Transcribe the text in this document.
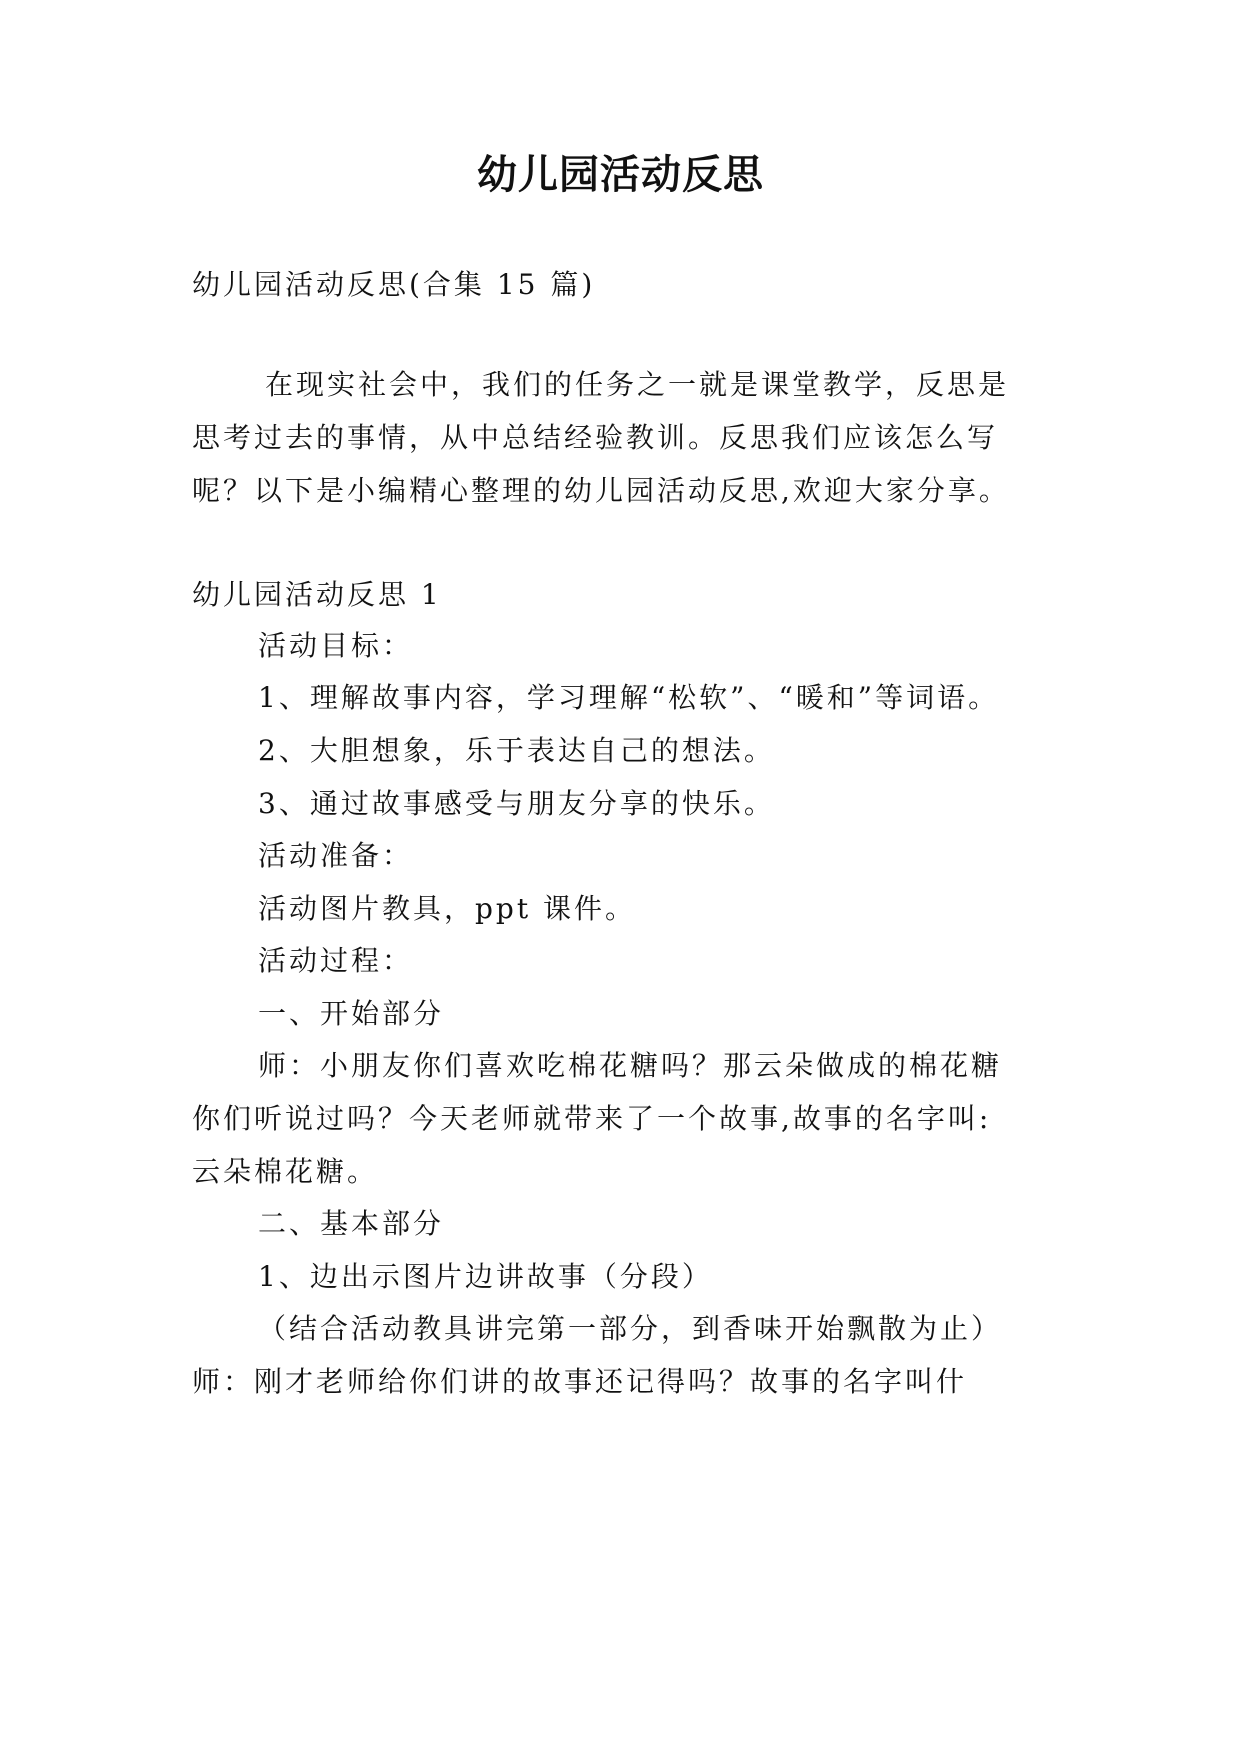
幼儿园活动反思
幼儿园活动反思(合集 15 篇)
在现实社会中，我们的任务之一就是课堂教学，反思是
思考过去的事情，从中总结经验教训。反思我们应该怎么写
呢？以下是小编精心整理的幼儿园活动反思,欢迎大家分享。
幼儿园活动反思 1
活动目标：
1、理解故事内容，学习理解“松软”、“暖和”等词语。
2、大胆想象，乐于表达自己的想法。
3、通过故事感受与朋友分享的快乐。
活动准备：
活动图片教具，ppt 课件。
活动过程：
一、开始部分
师：小朋友你们喜欢吃棉花糖吗？那云朵做成的棉花糖
你们听说过吗？今天老师就带来了一个故事,故事的名字叫:
云朵棉花糖。
二、基本部分
1、边出示图片边讲故事（分段）
（结合活动教具讲完第一部分，到香味开始飘散为止）
师：刚才老师给你们讲的故事还记得吗？故事的名字叫什
